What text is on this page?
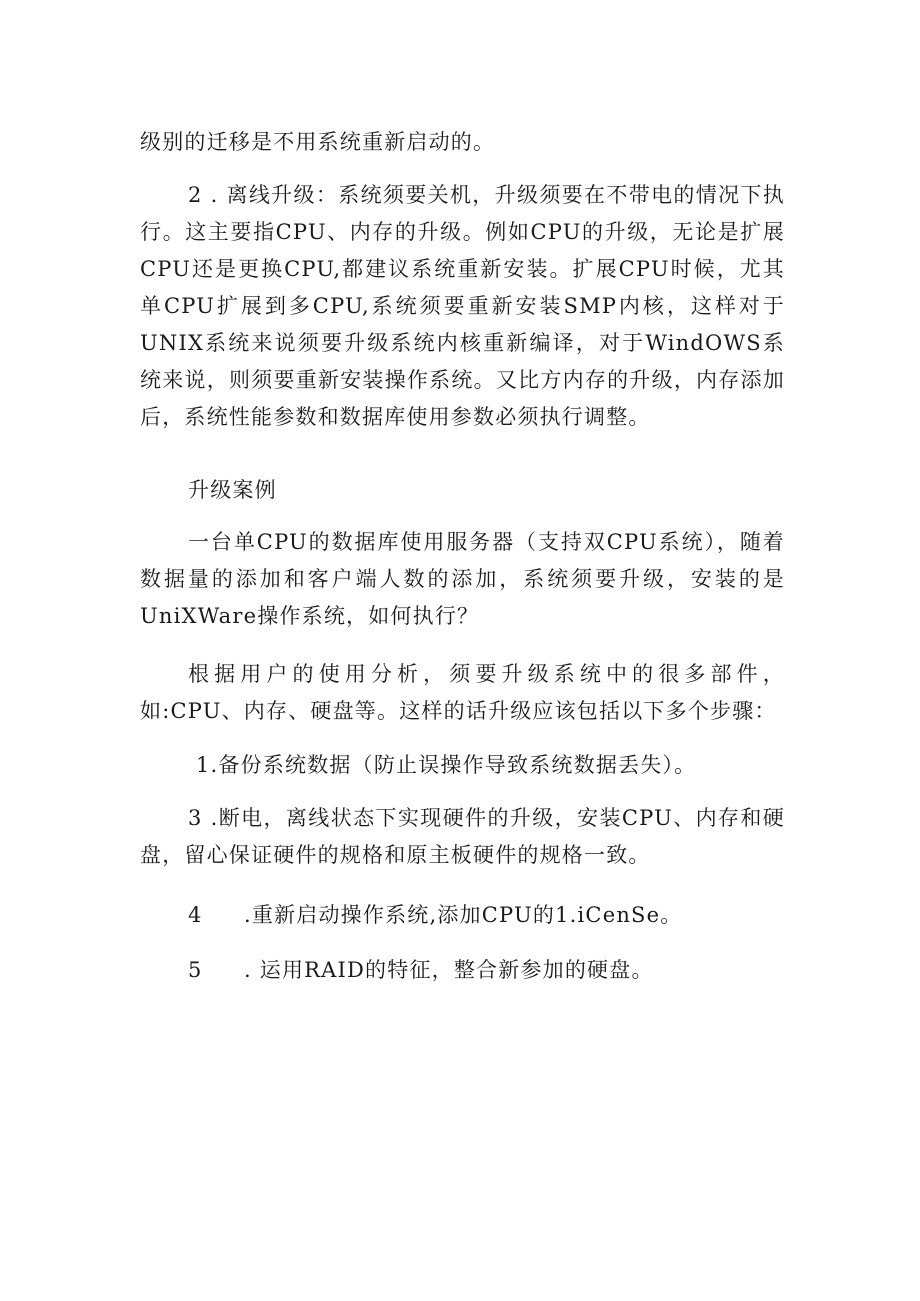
级别的迁移是不用系统重新启动的。

2 . 离线升级：系统须要关机，升级须要在不带电的情况下执行。这主要指CPU、内存的升级。例如CPU的升级，无论是扩展CPU还是更换CPU,都建议系统重新安装。扩展CPU时候，尤其单CPU扩展到多CPU,系统须要重新安装SMP内核，这样对于UNIX系统来说须要升级系统内核重新编译，对于WindOWS系统来说，则须要重新安装操作系统。又比方内存的升级，内存添加后，系统性能参数和数据库使用参数必须执行调整。

升级案例

一台单CPU的数据库使用服务器（支持双CPU系统），随着数据量的添加和客户端人数的添加，系统须要升级，安装的是UniXWare操作系统，如何执行？

根据用户的使用分析，须要升级系统中的很多部件，如:CPU、内存、硬盘等。这样的话升级应该包括以下多个步骤：

1.备份系统数据（防止误操作导致系统数据丢失）。

3 .断电，离线状态下实现硬件的升级，安装CPU、内存和硬盘，留心保证硬件的规格和原主板硬件的规格一致。

4 .重新启动操作系统,添加CPU的1.iCenSe。

5 . 运用RAID的特征，整合新参加的硬盘。
